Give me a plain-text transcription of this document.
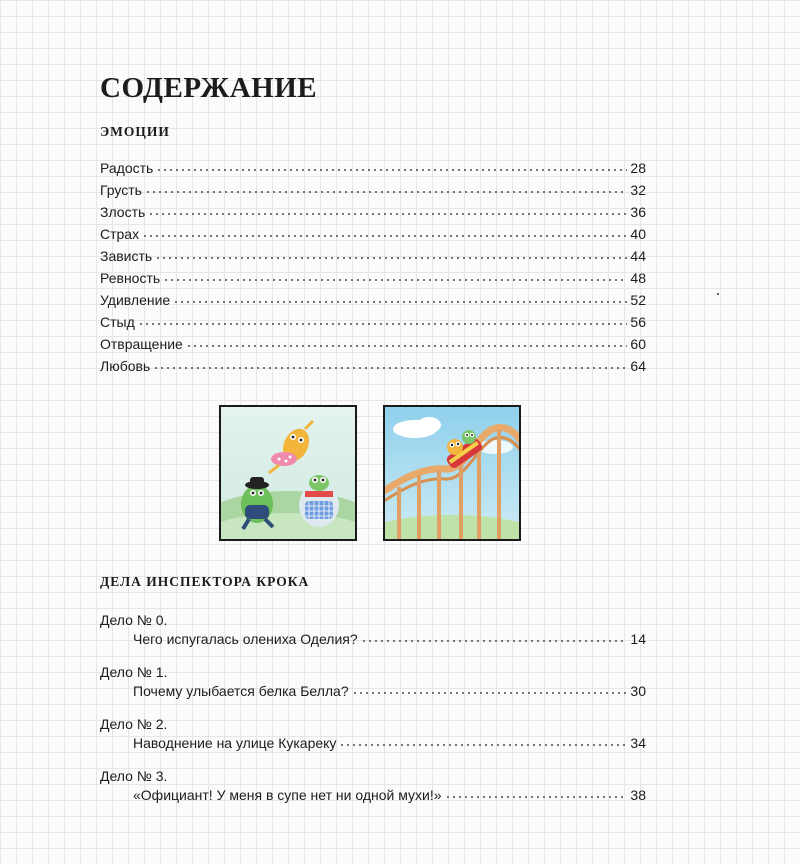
СОДЕРЖАНИЕ
ЭМОЦИИ
Радость	28
Грусть	32
Злость	36
Страх	40
Зависть	44
Ревность	48
Удивление	52
Стыд	56
Отвращение	60
Любовь	64
ДЕЛА ИНСПЕКТОРА КРОКА
Дело № 0.
Чего испугалась олениха Оделия?	14
Дело № 1.
Почему улыбается белка Белла?	30
Дело № 2.
Наводнение на улице Кукареку	34
Дело № 3.
«Официант! У меня в супе нет ни одной мухи!»	38
